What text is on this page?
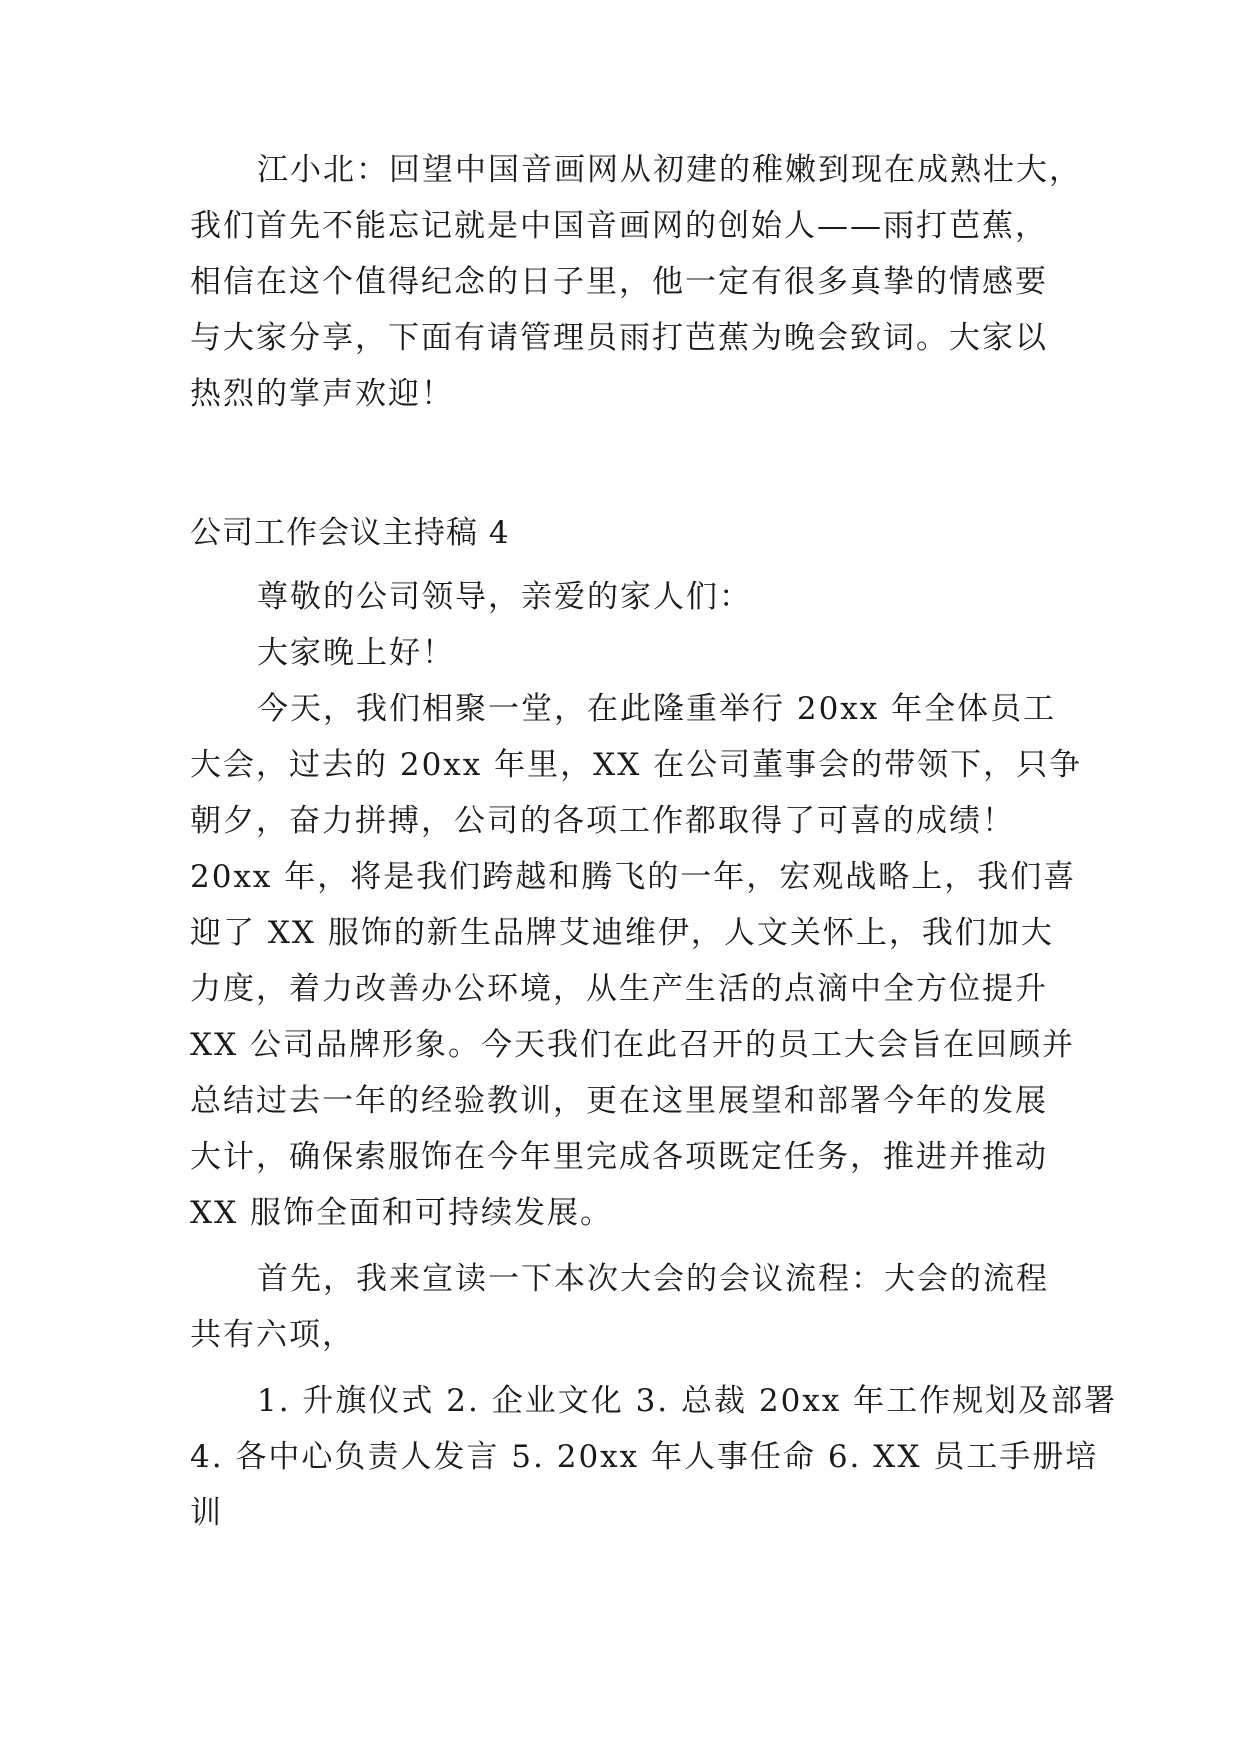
江小北：回望中国音画网从初建的稚嫩到现在成熟壮大，
我们首先不能忘记就是中国音画网的创始人——雨打芭蕉，
相信在这个值得纪念的日子里，他一定有很多真挚的情感要
与大家分享，下面有请管理员雨打芭蕉为晚会致词。大家以
热烈的掌声欢迎！
公司工作会议主持稿 4
尊敬的公司领导，亲爱的家人们：
大家晚上好！
今天，我们相聚一堂，在此隆重举行 20xx 年全体员工
大会，过去的 20xx 年里，XX 在公司董事会的带领下，只争
朝夕，奋力拼搏，公司的各项工作都取得了可喜的成绩！
20xx 年，将是我们跨越和腾飞的一年，宏观战略上，我们喜
迎了 XX 服饰的新生品牌艾迪维伊，人文关怀上，我们加大
力度，着力改善办公环境，从生产生活的点滴中全方位提升
XX 公司品牌形象。今天我们在此召开的员工大会旨在回顾并
总结过去一年的经验教训，更在这里展望和部署今年的发展
大计，确保索服饰在今年里完成各项既定任务，推进并推动
XX 服饰全面和可持续发展。
首先，我来宣读一下本次大会的会议流程：大会的流程
共有六项，
1. 升旗仪式 2. 企业文化 3. 总裁 20xx 年工作规划及部署
4. 各中心负责人发言 5. 20xx 年人事任命 6. XX 员工手册培
训
